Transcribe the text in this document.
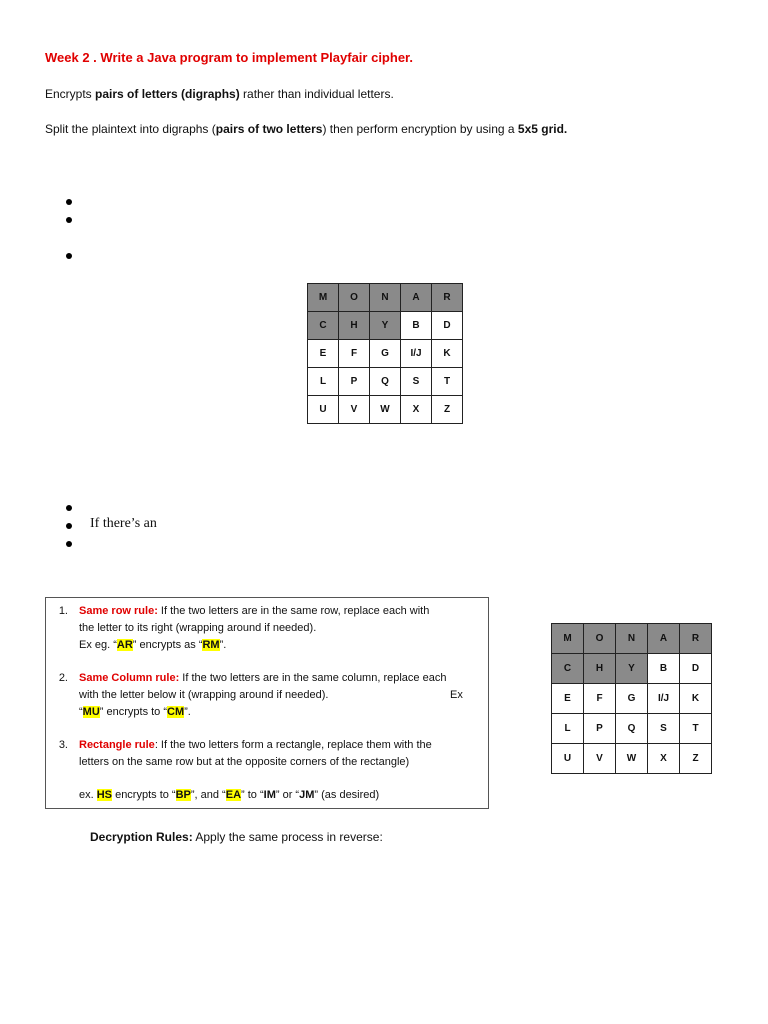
Week 2 . Write a Java program to implement Playfair cipher.
Encrypts pairs of letters (digraphs) rather than individual letters.
Split the plaintext into digraphs (pairs of two letters) then perform encryption by using a 5x5 grid.
M	O	N	A	R
C	H	Y	B	D
E	F	G	I/J	K
L	P	Q	S	T
U	V	W	X	Z
If there’s an
1. Same row rule: If the two letters are in the same row, replace each with
the letter to its right (wrapping around if needed).
Ex eg. “AR” encrypts as “RM”.
2. Same Column rule: If the two letters are in the same column, replace each
with the letter below it (wrapping around if needed).	Ex
“MU” encrypts to “CM”.
3. Rectangle rule: If the two letters form a rectangle, replace them with the
letters on the same row but at the opposite corners of the rectangle)
ex. HS encrypts to “BP”, and “EA” to “IM” or “JM” (as desired)
M	O	N	A	R
C	H	Y	B	D
E	F	G	I/J	K
L	P	Q	S	T
U	V	W	X	Z
Decryption Rules: Apply the same process in reverse:
